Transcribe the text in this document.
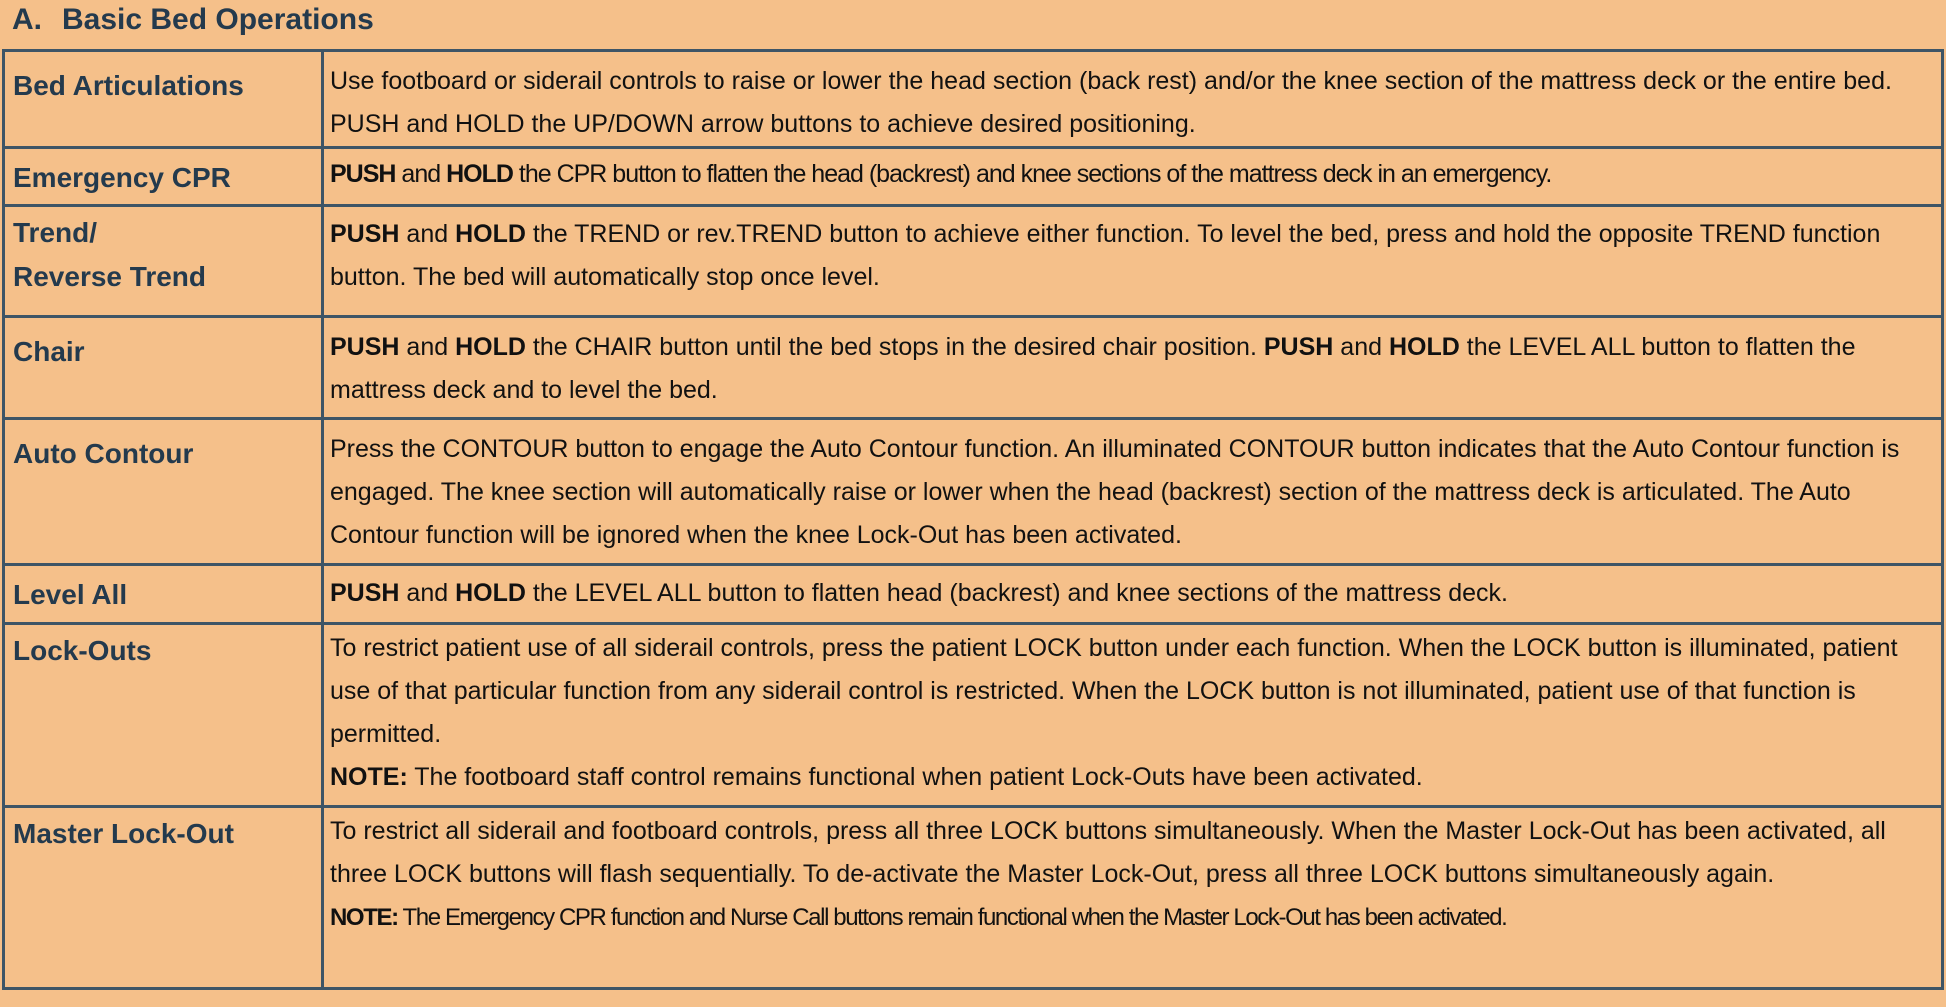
A. Basic Bed Operations
Bed Articulations	Use footboard or siderail controls to raise or lower the head section (back rest) and/or the knee section of the mattress deck or the entire bed. PUSH and HOLD the UP/DOWN arrow buttons to achieve desired positioning.
Emergency CPR	PUSH and HOLD the CPR button to flatten the head (backrest) and knee sections of the mattress deck in an emergency.

Trend/
Reverse Trend	PUSH and HOLD the TREND or rev.TREND button to achieve either function. To level the bed, press and hold the opposite TREND function button. The bed will automatically stop once level.
Chair	PUSH and HOLD the CHAIR button until the bed stops in the desired chair position. PUSH and HOLD the LEVEL ALL button to flatten the mattress deck and to level the bed.
Auto Contour	Press the CONTOUR button to engage the Auto Contour function. An illuminated CONTOUR button indicates that the Auto Contour function is engaged. The knee section will automatically raise or lower when the head (backrest) section of the mattress deck is articulated. The Auto Contour function will be ignored when the knee Lock-Out has been activated.
Level All	PUSH and HOLD the LEVEL ALL button to flatten head (backrest) and knee sections of the mattress deck.
Lock-Outs	To restrict patient use of all siderail controls, press the patient LOCK button under each function. When the LOCK button is illuminated, patient use of that particular function from any siderail control is restricted. When the LOCK button is not illuminated, patient use of that function is permitted.
NOTE: The footboard staff control remains functional when patient Lock-Outs have been activated.

Master Lock-Out	To restrict all siderail and footboard controls, press all three LOCK buttons simultaneously. When the Master Lock-Out has been activated, all three LOCK buttons will flash sequentially. To de-activate the Master Lock-Out, press all three LOCK buttons simultaneously again.
NOTE: The Emergency CPR function and Nurse Call buttons remain functional when the Master Lock-Out has been activated.
